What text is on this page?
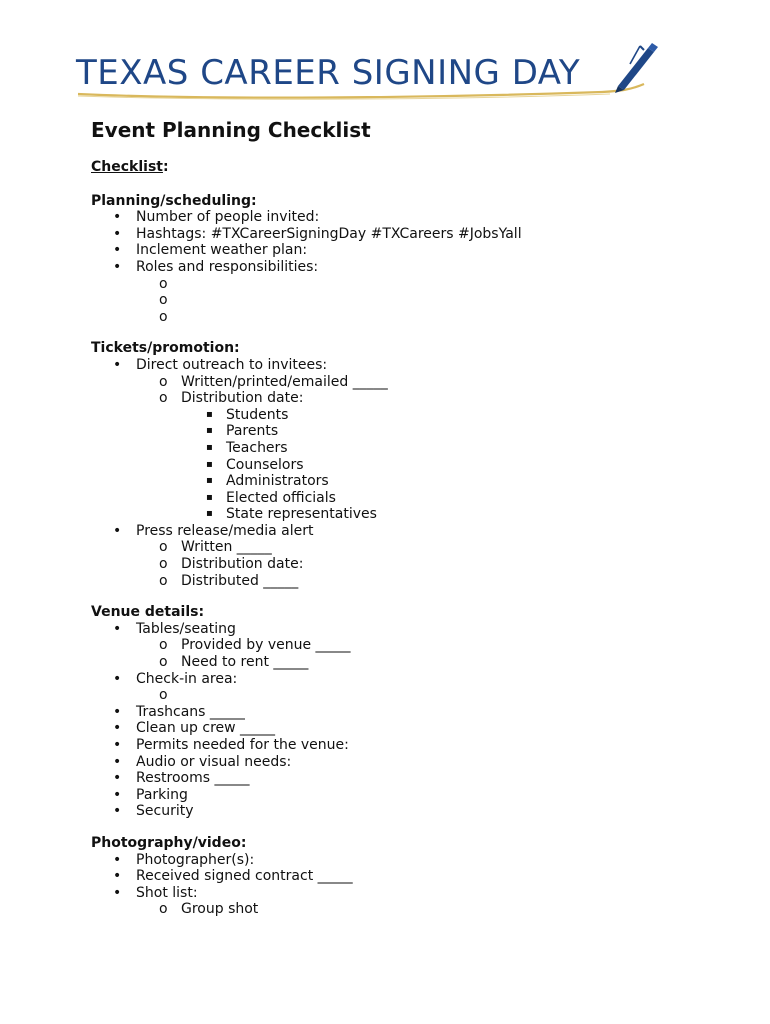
TEXAS CAREER SIGNING DAY
Event Planning Checklist
Checklist:
Planning/scheduling:
• Number of people invited:
• Hashtags: #TXCareerSigningDay #TXCareers #JobsYall
• Inclement weather plan:
• Roles and responsibilities:
o
o
o
Tickets/promotion:
• Direct outreach to invitees:
o Written/printed/emailed _____
o Distribution date:
▪ Students
▪ Parents
▪ Teachers
▪ Counselors
▪ Administrators
▪ Elected officials
▪ State representatives
• Press release/media alert
o Written _____
o Distribution date:
o Distributed _____
Venue details:
• Tables/seating
o Provided by venue _____
o Need to rent _____
• Check-in area:
o
• Trashcans _____
• Clean up crew _____
• Permits needed for the venue:
• Audio or visual needs:
• Restrooms _____
• Parking
• Security
Photography/video:
• Photographer(s):
• Received signed contract _____
• Shot list:
o Group shot
